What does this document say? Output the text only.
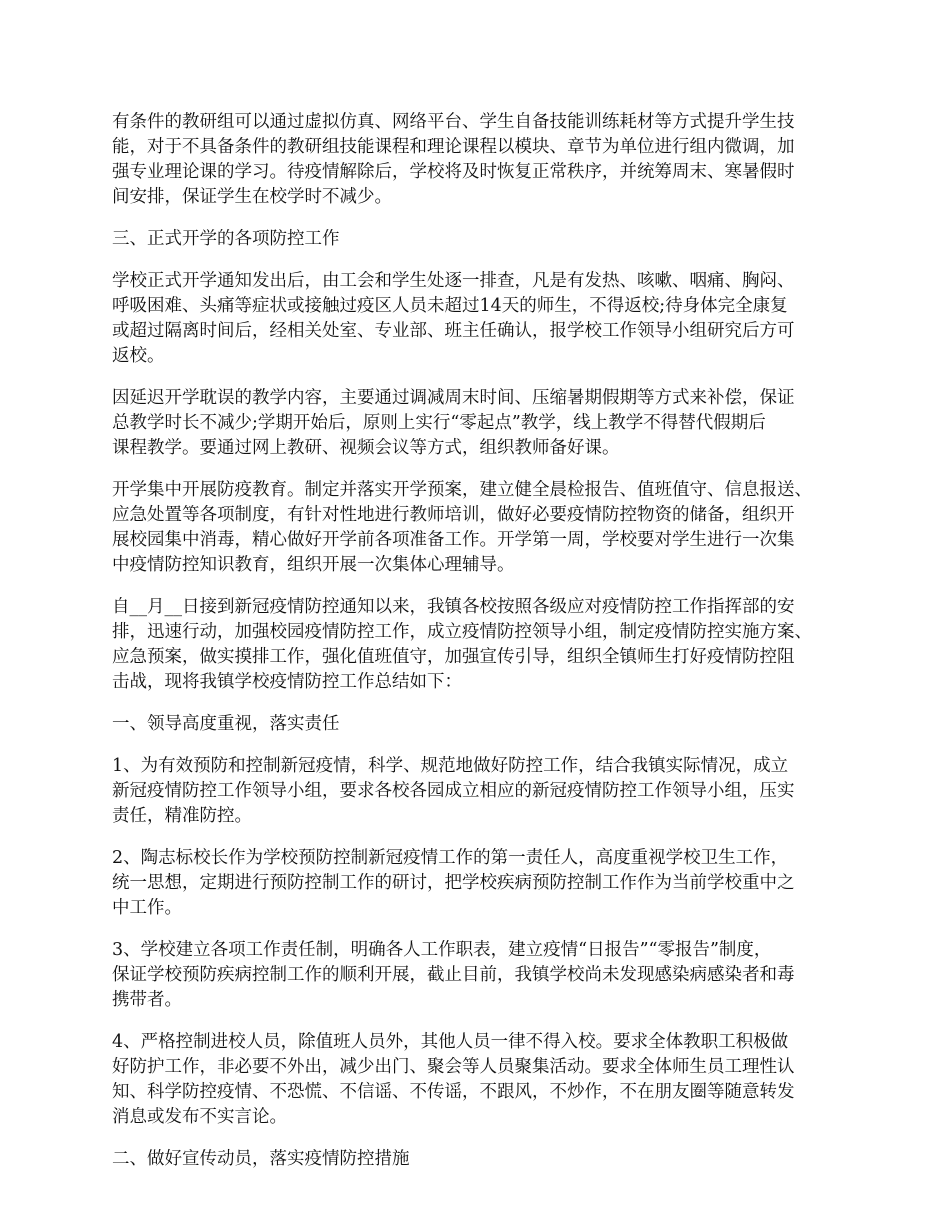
有条件的教研组可以通过虚拟仿真、网络平台、学生自备技能训练耗材等方式提升学生技
能，对于不具备条件的教研组技能课程和理论课程以模块、章节为单位进行组内微调，加
强专业理论课的学习。待疫情解除后，学校将及时恢复正常秩序，并统筹周末、寒暑假时
间安排，保证学生在校学时不减少。

三、正式开学的各项防控工作

学校正式开学通知发出后，由工会和学生处逐一排查，凡是有发热、咳嗽、咽痛、胸闷、
呼吸困难、头痛等症状或接触过疫区人员未超过14天的师生，不得返校;待身体完全康复
或超过隔离时间后，经相关处室、专业部、班主任确认，报学校工作领导小组研究后方可
返校。

因延迟开学耽误的教学内容，主要通过调减周末时间、压缩暑期假期等方式来补偿，保证
总教学时长不减少;学期开始后，原则上实行“零起点”教学，线上教学不得替代假期后
课程教学。要通过网上教研、视频会议等方式，组织教师备好课。

开学集中开展防疫教育。制定并落实开学预案，建立健全晨检报告、值班值守、信息报送、
应急处置等各项制度，有针对性地进行教师培训，做好必要疫情防控物资的储备，组织开
展校园集中消毒，精心做好开学前各项准备工作。开学第一周，学校要对学生进行一次集
中疫情防控知识教育，组织开展一次集体心理辅导。

自__月__日接到新冠疫情防控通知以来，我镇各校按照各级应对疫情防控工作指挥部的安
排，迅速行动，加强校园疫情防控工作，成立疫情防控领导小组，制定疫情防控实施方案、
应急预案，做实摸排工作，强化值班值守，加强宣传引导，组织全镇师生打好疫情防控阻
击战，现将我镇学校疫情防控工作总结如下：

一、领导高度重视，落实责任

1、为有效预防和控制新冠疫情，科学、规范地做好防控工作，结合我镇实际情况，成立
新冠疫情防控工作领导小组，要求各校各园成立相应的新冠疫情防控工作领导小组，压实
责任，精准防控。

2、陶志标校长作为学校预防控制新冠疫情工作的第一责任人，高度重视学校卫生工作，
统一思想，定期进行预防控制工作的研讨，把学校疾病预防控制工作作为当前学校重中之
中工作。

3、学校建立各项工作责任制，明确各人工作职表，建立疫情“日报告”“零报告”制度，
保证学校预防疾病控制工作的顺利开展，截止目前，我镇学校尚未发现感染病感染者和毒
携带者。

4、严格控制进校人员，除值班人员外，其他人员一律不得入校。要求全体教职工积极做
好防护工作，非必要不外出，减少出门、聚会等人员聚集活动。要求全体师生员工理性认
知、科学防控疫情、不恐慌、不信谣、不传谣，不跟风，不炒作，不在朋友圈等随意转发
消息或发布不实言论。

二、做好宣传动员，落实疫情防控措施
